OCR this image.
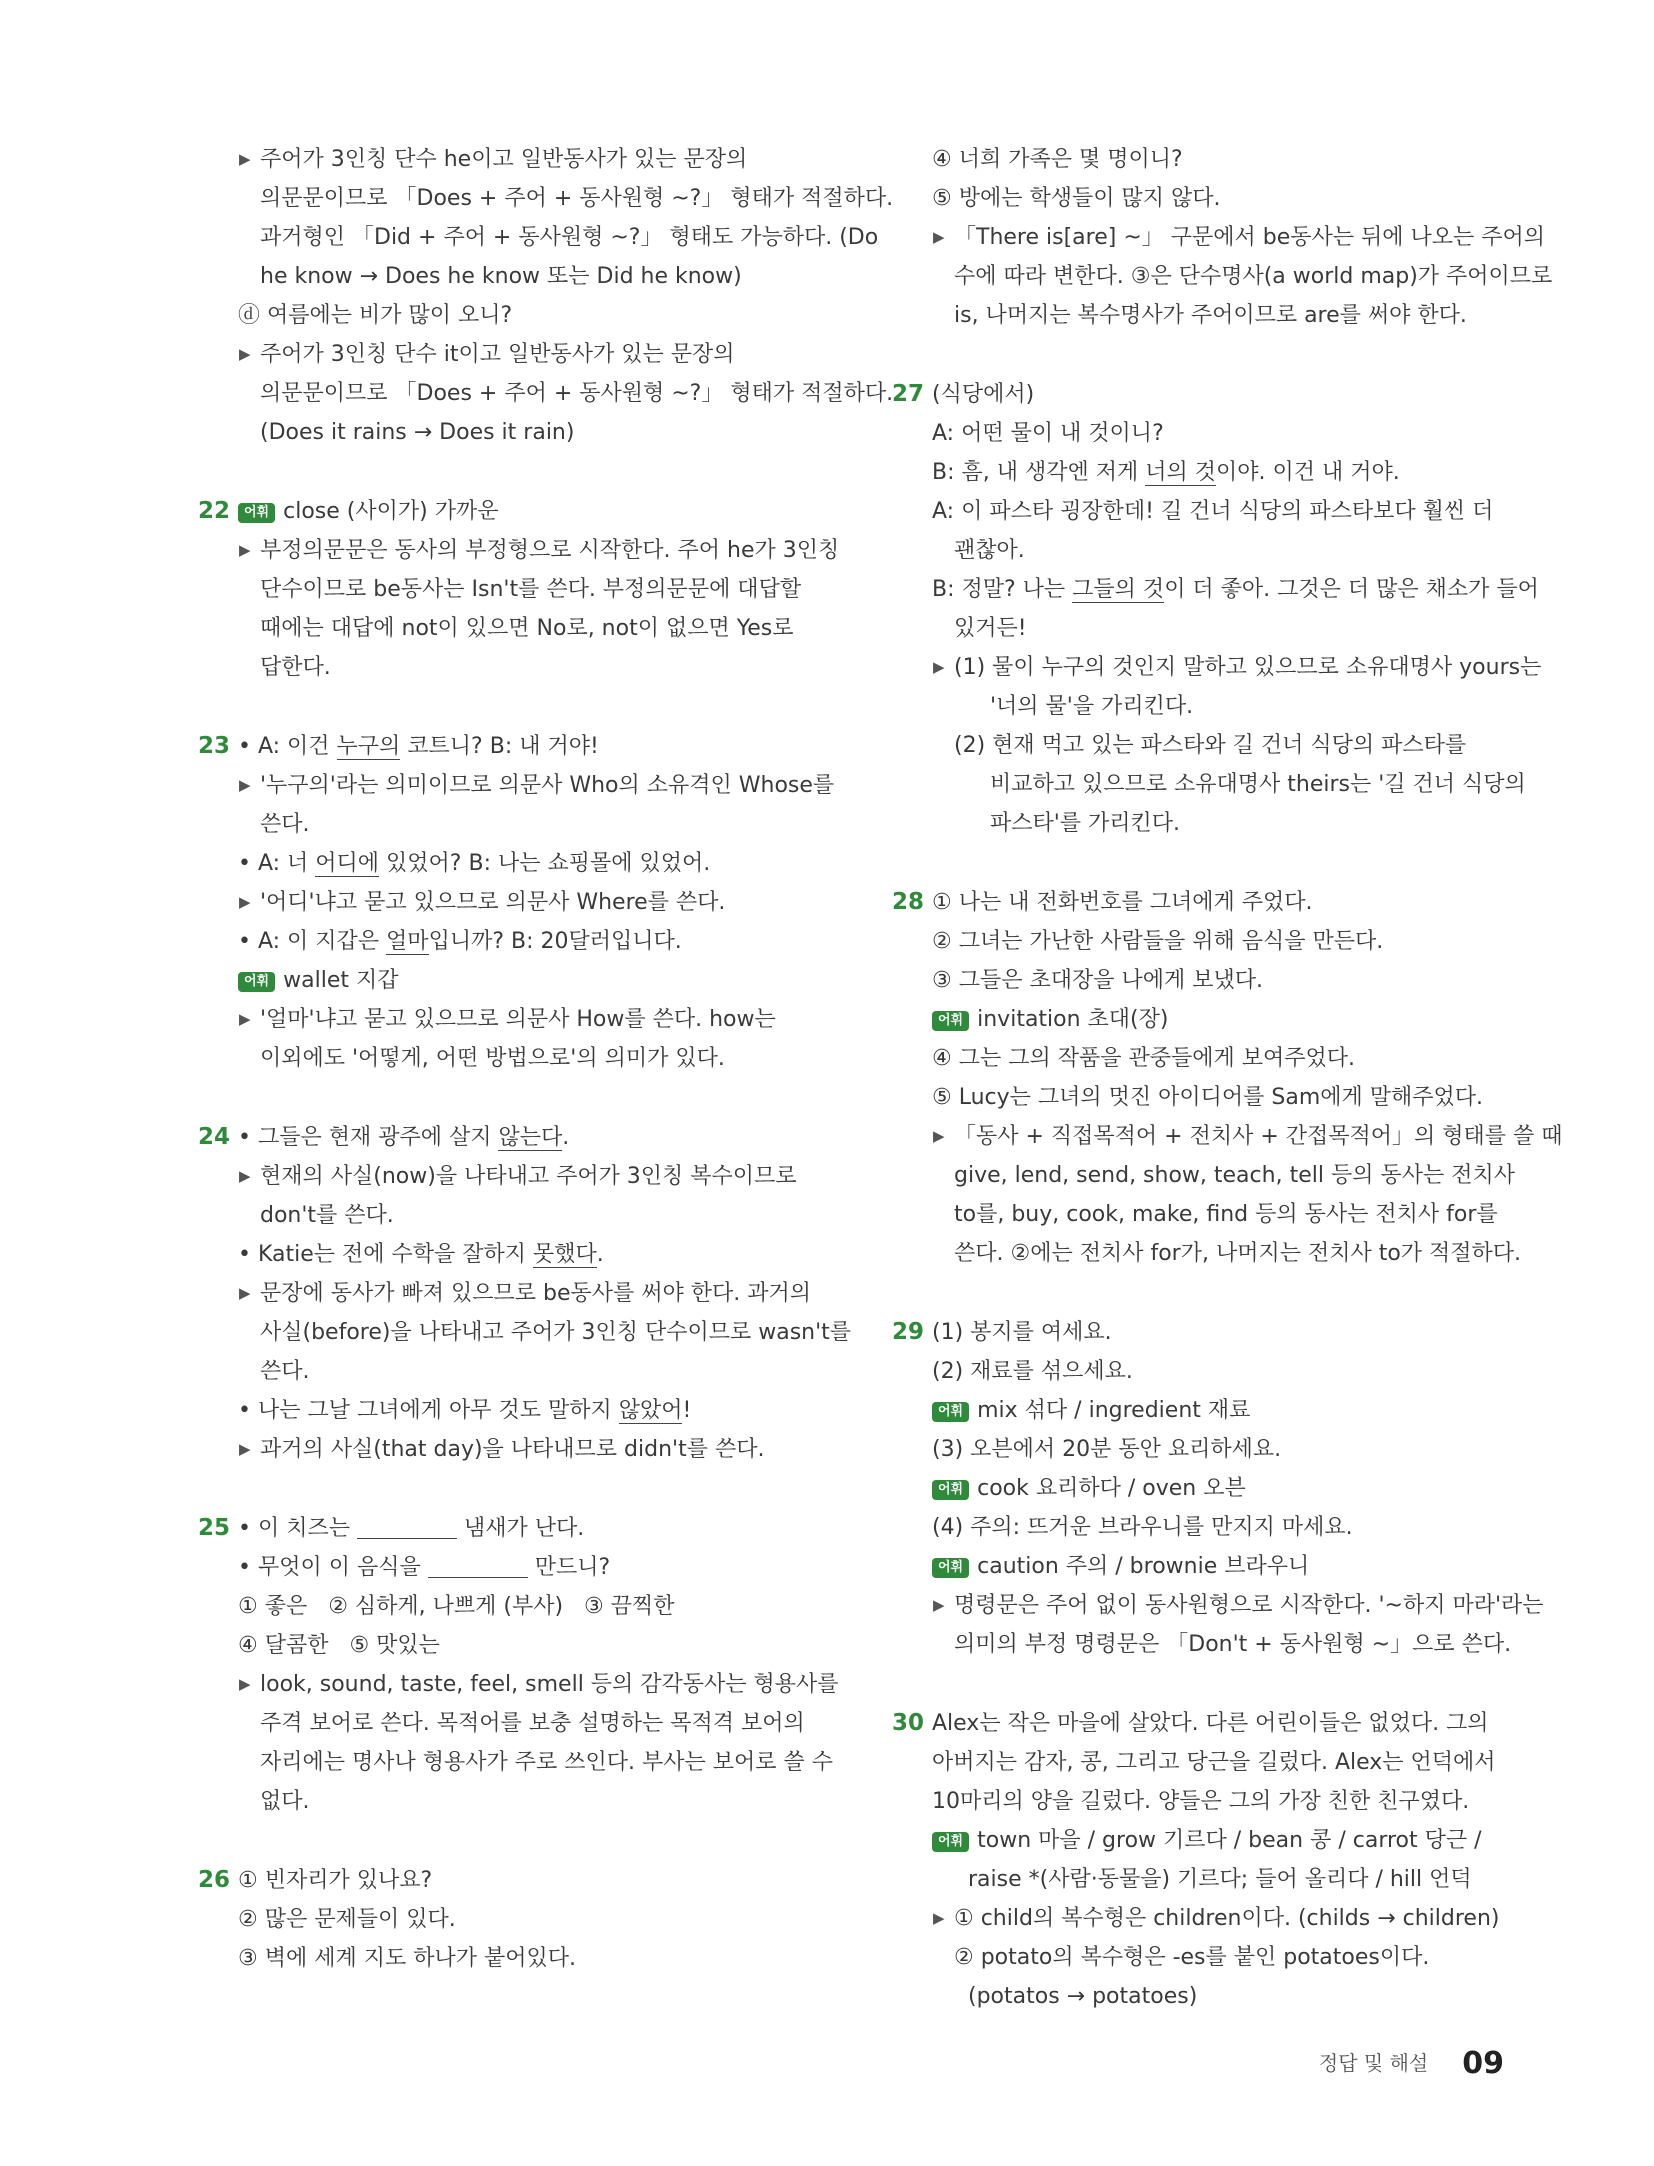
▶ 주어가 3인칭 단수 he이고 일반동사가 있는 문장의
의문문이므로 「Does + 주어 + 동사원형 ~?」 형태가 적절하다.
과거형인 「Did + 주어 + 동사원형 ~?」 형태도 가능하다. (Do
he know → Does he know 또는 Did he know)
ⓓ 여름에는 비가 많이 오니?
▶ 주어가 3인칭 단수 it이고 일반동사가 있는 문장의
의문문이므로 「Does + 주어 + 동사원형 ~?」 형태가 적절하다.
(Does it rains → Does it rain)
22	어휘 close (사이가) 가까운
▶ 부정의문문은 동사의 부정형으로 시작한다. 주어 he가 3인칭
단수이므로 be동사는 Isn't를 쓴다. 부정의문문에 대답할
때에는 대답에 not이 있으면 No로, not이 없으면 Yes로
답한다.
23 • A: 이건 누구의 코트니? B: 내 거야!
▶ '누구의'라는 의미이므로 의문사 Who의 소유격인 Whose를
쓴다.
• A: 너 어디에 있었어? B: 나는 쇼핑몰에 있었어.
▶ '어디'냐고 묻고 있으므로 의문사 Where를 쓴다.
• A: 이 지갑은 얼마입니까? B: 20달러입니다.
어휘 wallet 지갑
▶ '얼마'냐고 묻고 있으므로 의문사 How를 쓴다. how는
이외에도 '어떻게, 어떤 방법으로'의 의미가 있다.
24 • 그들은 현재 광주에 살지 않는다.
▶ 현재의 사실(now)을 나타내고 주어가 3인칭 복수이므로
don't를 쓴다.
• Katie는 전에 수학을 잘하지 못했다.
▶ 문장에 동사가 빠져 있으므로 be동사를 써야 한다. 과거의
사실(before)을 나타내고 주어가 3인칭 단수이므로 wasn't를
쓴다.
• 나는 그날 그녀에게 아무 것도 말하지 않았어!
▶ 과거의 사실(that day)을 나타내므로 didn't를 쓴다.
25 • 이 치즈는	냄새가 난다.
• 무엇이 이 음식을	만드니?
① 좋은   ② 심하게, 나쁘게 (부사)   ③ 끔찍한
④ 달콤한   ⑤ 맛있는
▶ look, sound, taste, feel, smell 등의 감각동사는 형용사를
주격 보어로 쓴다. 목적어를 보충 설명하는 목적격 보어의
자리에는 명사나 형용사가 주로 쓰인다. 부사는 보어로 쓸 수
없다.
26 ① 빈자리가 있나요?
② 많은 문제들이 있다.
③ 벽에 세계 지도 하나가 붙어있다.
④ 너희 가족은 몇 명이니?
⑤ 방에는 학생들이 많지 않다.
▶ 「There is[are] ~」 구문에서 be동사는 뒤에 나오는 주어의
수에 따라 변한다. ③은 단수명사(a world map)가 주어이므로
is, 나머지는 복수명사가 주어이므로 are를 써야 한다.
27 (식당에서)
A: 어떤 물이 내 것이니?
B: 흠, 내 생각엔 저게 너의 것이야. 이건 내 거야.
A: 이 파스타 굉장한데! 길 건너 식당의 파스타보다 훨씬 더
괜찮아.
B: 정말? 나는 그들의 것이 더 좋아. 그것은 더 많은 채소가 들어
있거든!
▶ (1) 물이 누구의 것인지 말하고 있으므로 소유대명사 yours는
'너의 물'을 가리킨다.
(2) 현재 먹고 있는 파스타와 길 건너 식당의 파스타를
비교하고 있으므로 소유대명사 theirs는 '길 건너 식당의
파스타'를 가리킨다.
28 ① 나는 내 전화번호를 그녀에게 주었다.
② 그녀는 가난한 사람들을 위해 음식을 만든다.
③ 그들은 초대장을 나에게 보냈다.
어휘 invitation 초대(장)
④ 그는 그의 작품을 관중들에게 보여주었다.
⑤ Lucy는 그녀의 멋진 아이디어를 Sam에게 말해주었다.
▶ 「동사 + 직접목적어 + 전치사 + 간접목적어」의 형태를 쓸 때
give, lend, send, show, teach, tell 등의 동사는 전치사
to를, buy, cook, make, find 등의 동사는 전치사 for를
쓴다. ②에는 전치사 for가, 나머지는 전치사 to가 적절하다.
29 (1) 봉지를 여세요.
(2) 재료를 섞으세요.
어휘 mix 섞다 / ingredient 재료
(3) 오븐에서 20분 동안 요리하세요.
어휘 cook 요리하다 / oven 오븐
(4) 주의: 뜨거운 브라우니를 만지지 마세요.
어휘 caution 주의 / brownie 브라우니
▶ 명령문은 주어 없이 동사원형으로 시작한다. '~하지 마라'라는
의미의 부정 명령문은 「Don't + 동사원형 ~」으로 쓴다.
30 Alex는 작은 마을에 살았다. 다른 어린이들은 없었다. 그의
아버지는 감자, 콩, 그리고 당근을 길렀다. Alex는 언덕에서
10마리의 양을 길렀다. 양들은 그의 가장 친한 친구였다.
어휘 town 마을 / grow 기르다 / bean 콩 / carrot 당근 /
raise *(사람·동물을) 기르다; 들어 올리다 / hill 언덕
▶ ① child의 복수형은 children이다. (childs → children)
② potato의 복수형은 -es를 붙인 potatoes이다.
(potatos → potatoes)
정답 및 해설 09
